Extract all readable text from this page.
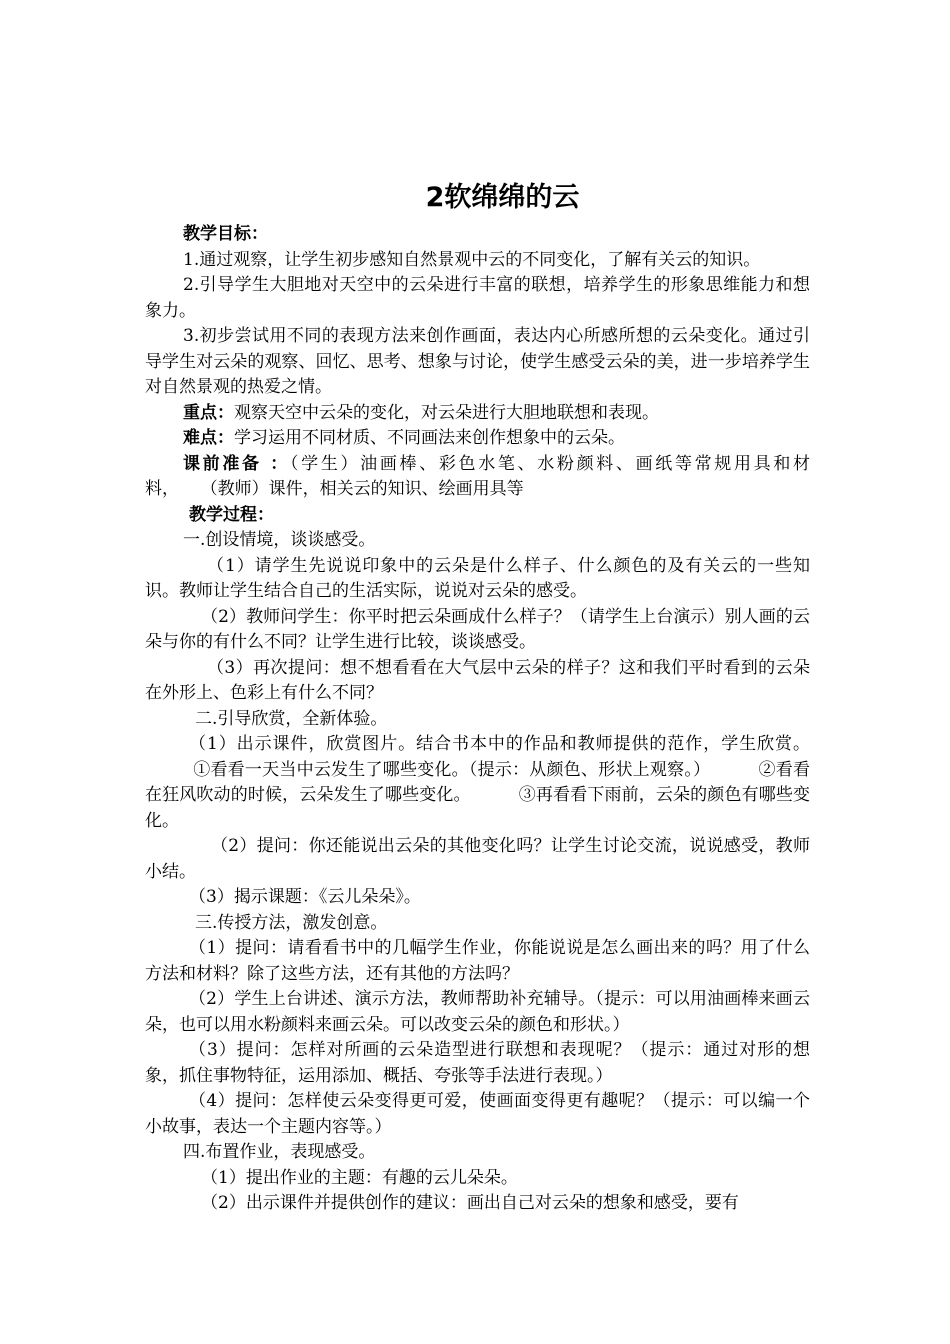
2软绵绵的云

教学目标：

1.通过观察，让学生初步感知自然景观中云的不同变化，了解有关云的知识。

2.引导学生大胆地对天空中的云朵进行丰富的联想，培养学生的形象思维能力和想象力。

3.初步尝试用不同的表现方法来创作画面，表达内心所感所想的云朵变化。通过引导学生对云朵的观察、回忆、思考、想象与讨论，使学生感受云朵的美，进一步培养学生对自然景观的热爱之情。

重点：观察天空中云朵的变化，对云朵进行大胆地联想和表现。

难点：学习运用不同材质、不同画法来创作想象中的云朵。

课前准备 ：（学生）油画棒、彩色水笔、水粉颜料、画纸等常规用具和材料， （教师）课件，相关云的知识、绘画用具等

教学过程：

一.创设情境，谈谈感受。

（1）请学生先说说印象中的云朵是什么样子、什么颜色的及有关云的一些知识。教师让学生结合自己的生活实际，说说对云朵的感受。

（2）教师问学生：你平时把云朵画成什么样子？（请学生上台演示）别人画的云朵与你的有什么不同？让学生进行比较，谈谈感受。

（3）再次提问：想不想看看在大气层中云朵的样子？这和我们平时看到的云朵在外形上、色彩上有什么不同？

二.引导欣赏，全新体验。

（1）出示课件，欣赏图片。结合书本中的作品和教师提供的范作，学生欣赏。①看看一天当中云发生了哪些变化。（提示：从颜色、形状上观察。）	②看看在狂风吹动的时候，云朵发生了哪些变化。	③再看看下雨前，云朵的颜色有哪些变化。

（2）提问：你还能说出云朵的其他变化吗？让学生讨论交流，说说感受，教师小结。

（3）揭示课题：《云儿朵朵》。

三.传授方法，激发创意。

（1）提问：请看看书中的几幅学生作业，你能说说是怎么画出来的吗？用了什么方法和材料？除了这些方法，还有其他的方法吗？

（2）学生上台讲述、演示方法，教师帮助补充辅导。（提示：可以用油画棒来画云朵，也可以用水粉颜料来画云朵。可以改变云朵的颜色和形状。）

（3）提问：怎样对所画的云朵造型进行联想和表现呢？（提示：通过对形的想象，抓住事物特征，运用添加、概括、夸张等手法进行表现。）

（4）提问：怎样使云朵变得更可爱，使画面变得更有趣呢？（提示：可以编一个小故事，表达一个主题内容等。）

四.布置作业，表现感受。

（1）提出作业的主题：有趣的云儿朵朵。

（2）出示课件并提供创作的建议：画出自己对云朵的想象和感受，要有
